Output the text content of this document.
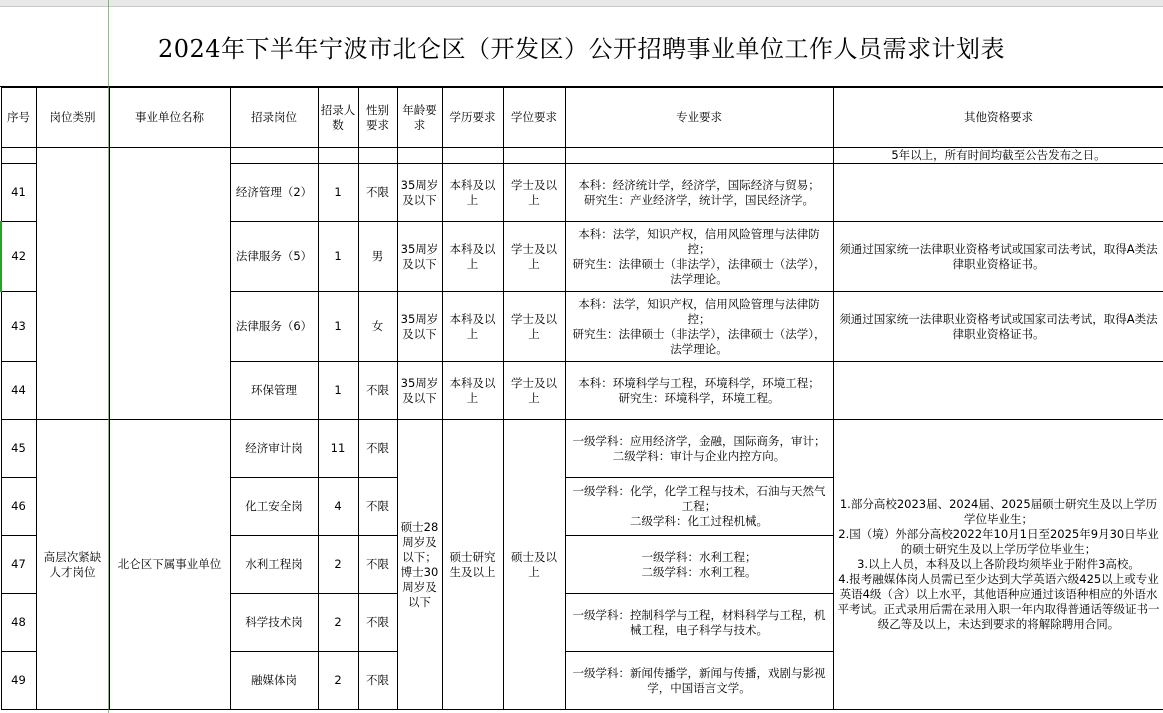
2024年下半年宁波市北仑区（开发区）公开招聘事业单位工作人员需求计划表
序号	岗位类别	事业单位名称	招录岗位	招录人数	性别要求	年龄要求	学历要求	学位要求	专业要求	其他资格要求
										5年以上，所有时间均截至公告发布之日。
41			经济管理（2）	1	不限	35周岁及以下	本科及以上	学士及以上	本科：经济统计学，经济学，国际经济与贸易；
研究生：产业经济学，统计学，国民经济学。	
42			法律服务（5）	1	男	35周岁及以下	本科及以上	学士及以上	本科：法学，知识产权，信用风险管理与法律防控；
研究生：法律硕士（非法学），法律硕士（法学），法学理论。	须通过国家统一法律职业资格考试或国家司法考试，取得A类法律职业资格证书。
43			法律服务（6）	1	女	35周岁及以下	本科及以上	学士及以上	本科：法学，知识产权，信用风险管理与法律防控；
研究生：法律硕士（非法学），法律硕士（法学），法学理论。	须通过国家统一法律职业资格考试或国家司法考试，取得A类法律职业资格证书。
44			环保管理	1	不限	35周岁及以下	本科及以上	学士及以上	本科：环境科学与工程，环境科学，环境工程；
研究生：环境科学，环境工程。	
45	高层次紧缺人才岗位	北仑区下属事业单位	经济审计岗	11	不限	硕士28周岁及以下；博士30周岁及以下	硕士研究生及以上	硕士及以上	一级学科：应用经济学，金融，国际商务，审计；
二级学科：审计与企业内控方向。	1.部分高校2023届、2024届、2025届硕士研究生及以上学历学位毕业生；
2.国（境）外部分高校2022年10月1日至2025年9月30日毕业的硕士研究生及以上学历学位毕业生；
3.以上人员，本科及以上各阶段均须毕业于附件3高校。
4.报考融媒体岗人员需已至少达到大学英语六级425以上或专业英语4级（含）以上水平，其他语种应通过该语种相应的外语水平考试。正式录用后需在录用入职一年内取得普通话等级证书一级乙等及以上，未达到要求的将解除聘用合同。
46			化工安全岗	4	不限				一级学科：化学，化学工程与技术，石油与天然气工程；
二级学科：化工过程机械。	
47			水利工程岗	2	不限				一级学科：水利工程；
二级学科：水利工程。	
48			科学技术岗	2	不限				一级学科：控制科学与工程，材料科学与工程，机械工程，电子科学与技术。	
49			融媒体岗	2	不限				一级学科：新闻传播学，新闻与传播，戏剧与影视学，中国语言文学。	
